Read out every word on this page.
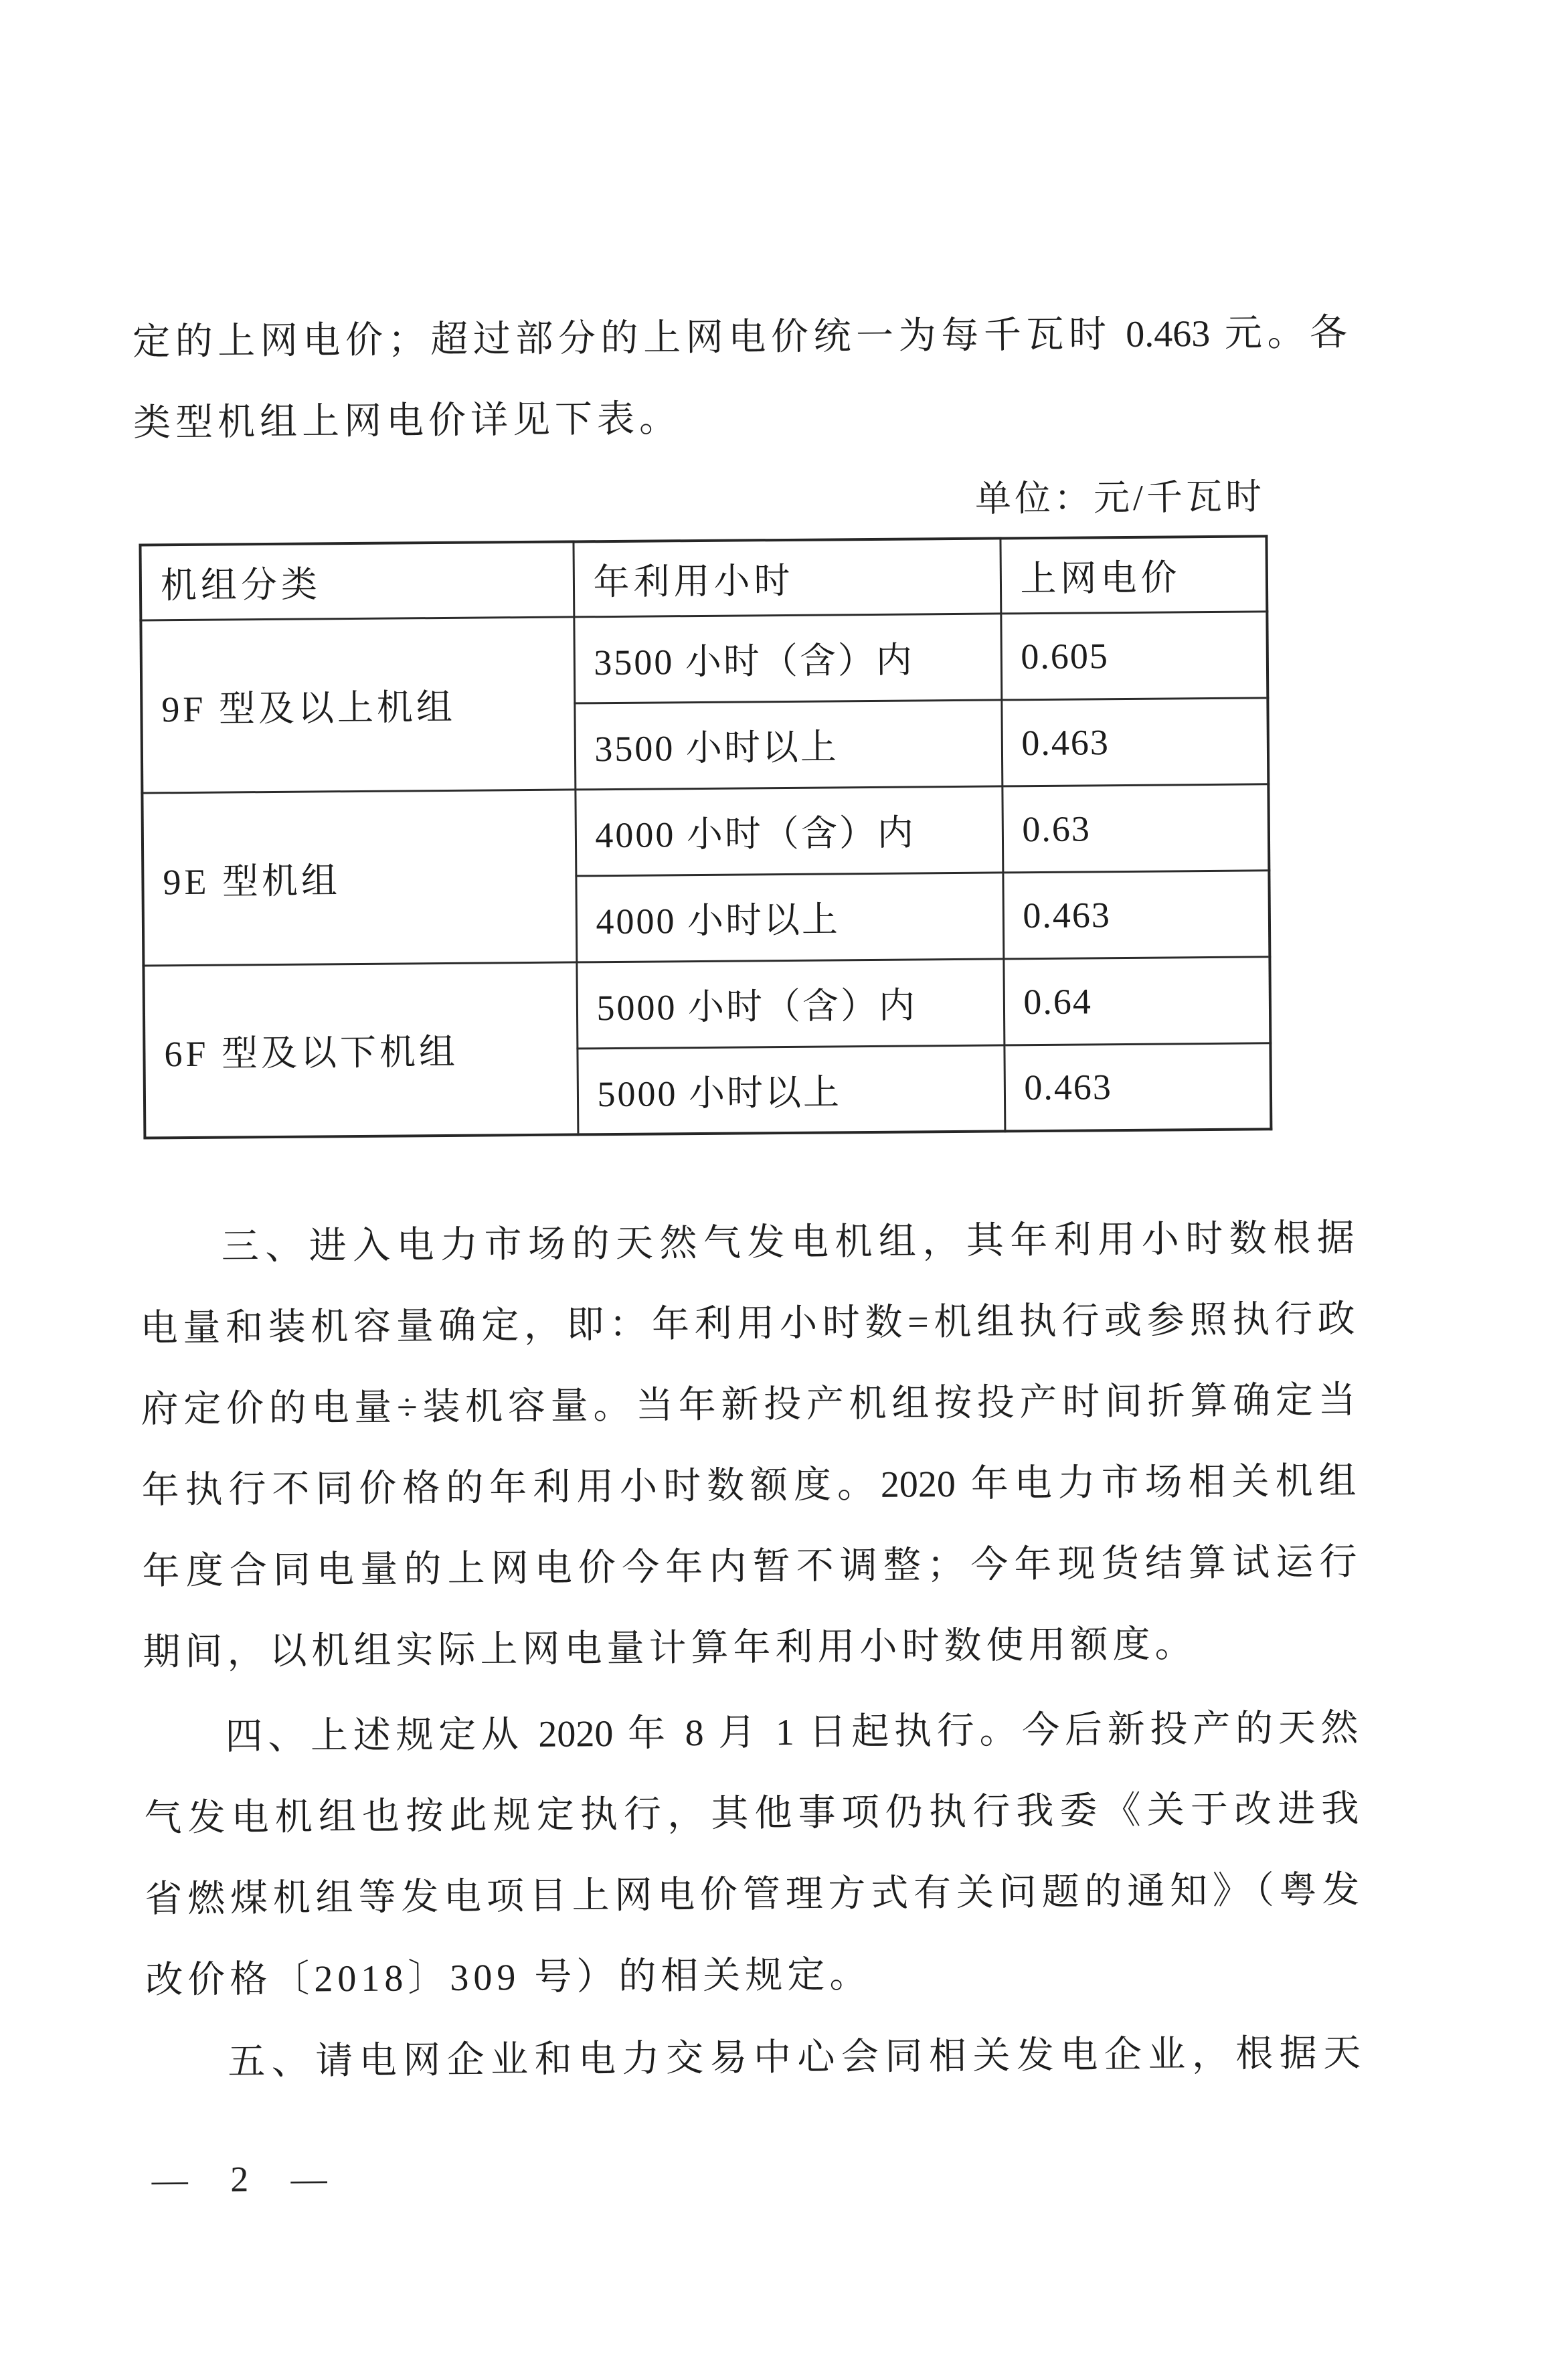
定的上网电价；超过部分的上网电价统一为每千瓦时 0.463 元。各
类型机组上网电价详见下表。
单位：元/千瓦时
机组分类	年利用小时	上网电价
9F 型及以上机组	3500 小时（含）内	0.605
	3500 小时以上	0.463
9E 型机组	4000 小时（含）内	0.63
	4000 小时以上	0.463
6F 型及以下机组	5000 小时（含）内	0.64
	5000 小时以上	0.463
三、进入电力市场的天然气发电机组，其年利用小时数根据
电量和装机容量确定，即：年利用小时数=机组执行或参照执行政
府定价的电量÷装机容量。当年新投产机组按投产时间折算确定当
年执行不同价格的年利用小时数额度。2020 年电力市场相关机组
年度合同电量的上网电价今年内暂不调整；今年现货结算试运行
期间，以机组实际上网电量计算年利用小时数使用额度。
四、上述规定从 2020 年 8 月 1 日起执行。今后新投产的天然
气发电机组也按此规定执行，其他事项仍执行我委《关于改进我
省燃煤机组等发电项目上网电价管理方式有关问题的通知》（粤发
改价格〔2018〕309 号）的相关规定。
五、请电网企业和电力交易中心会同相关发电企业，根据天
— 2 —
